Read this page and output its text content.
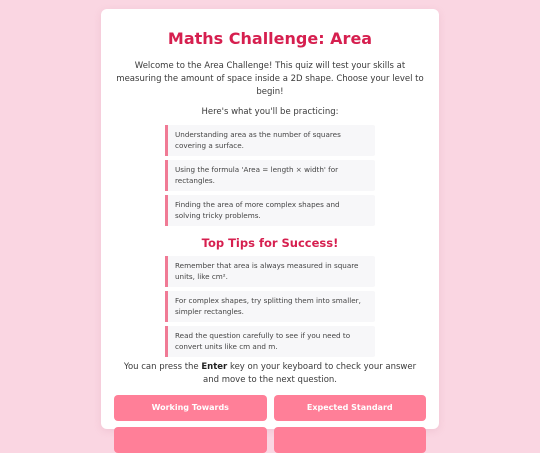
Maths Challenge: Area
Welcome to the Area Challenge! This quiz will test your skills at measuring the amount of space inside a 2D shape. Choose your level to begin!
Here's what you'll be practicing:
Understanding area as the number of squares covering a surface.
Using the formula 'Area = length × width' for rectangles.
Finding the area of more complex shapes and solving tricky problems.
Top Tips for Success!
Remember that area is always measured in square units, like cm².
For complex shapes, try splitting them into smaller, simpler rectangles.
Read the question carefully to see if you need to convert units like cm and m.
You can press the Enter key on your keyboard to check your answer and move to the next question.
Working Towards	Expected Standard
